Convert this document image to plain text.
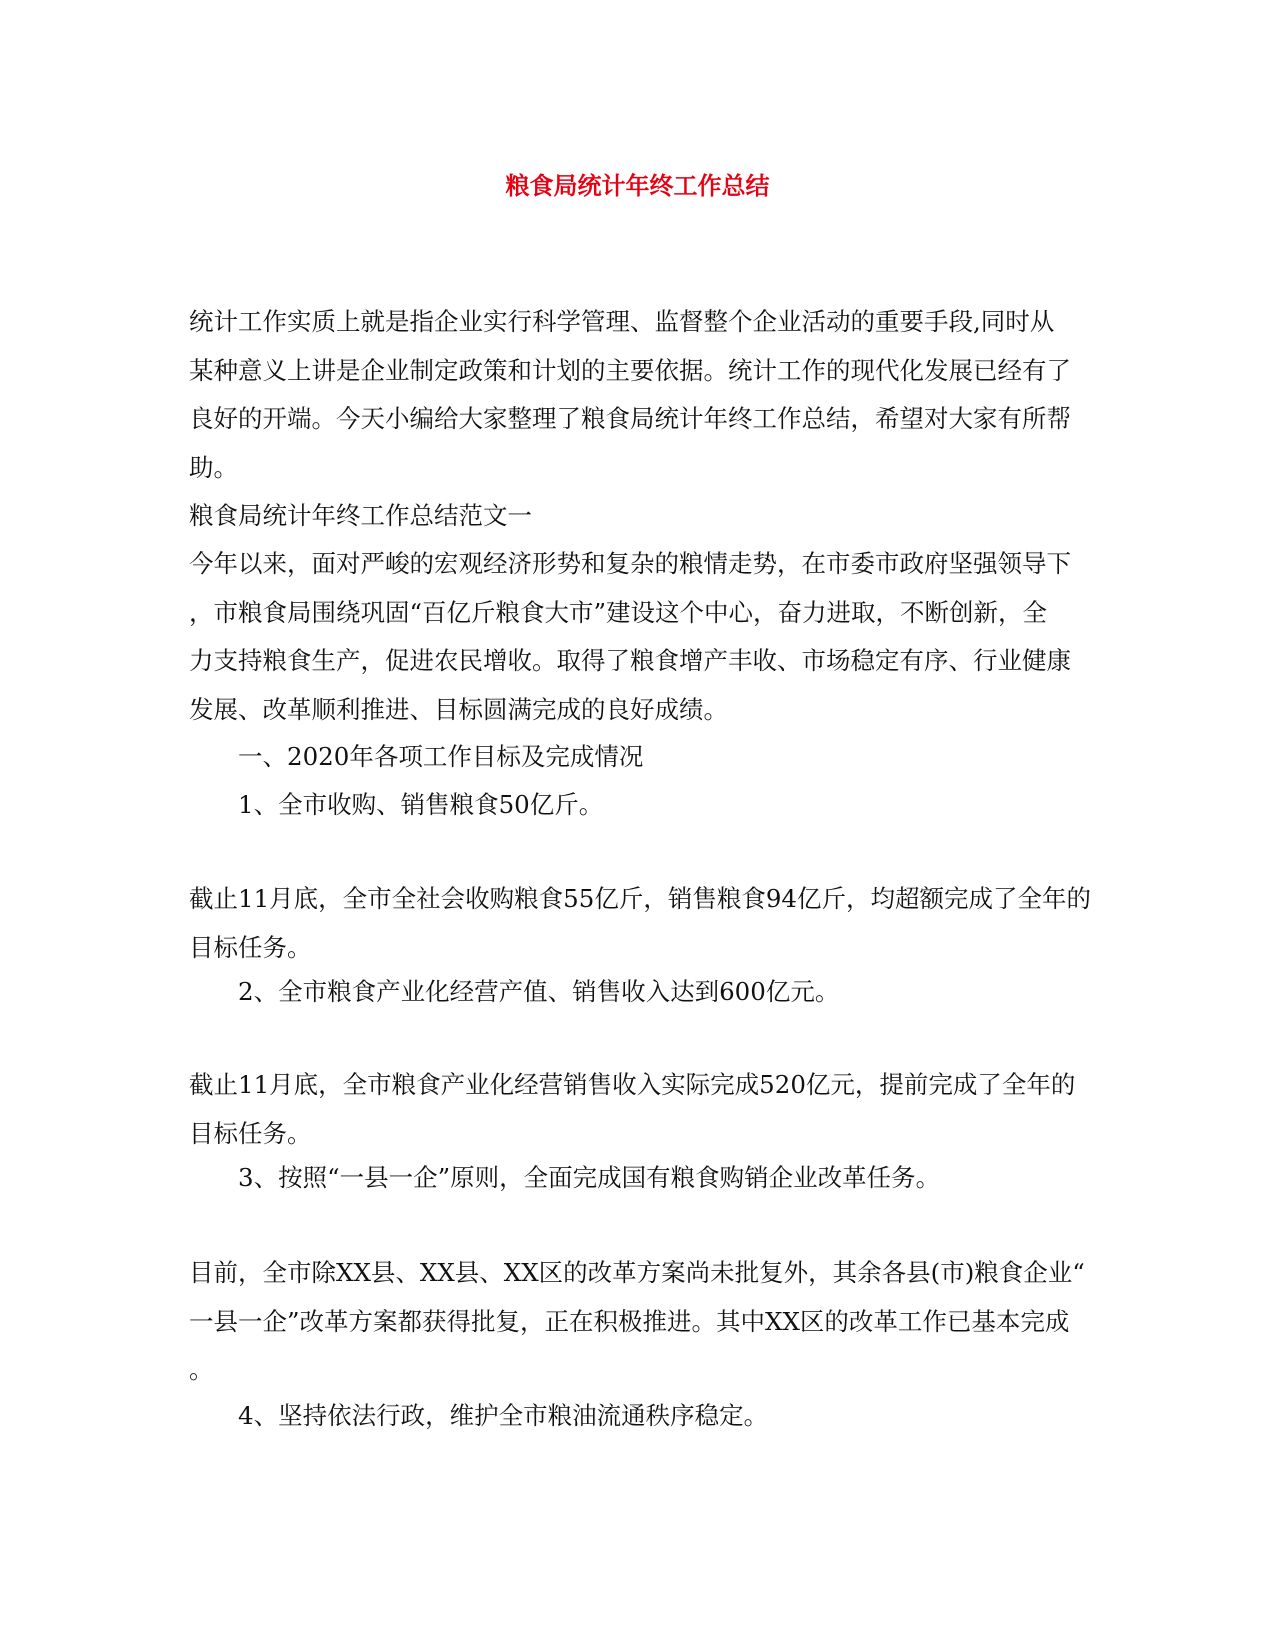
粮食局统计年终工作总结
统计工作实质上就是指企业实行科学管理、监督整个企业活动的重要手段,同时从
某种意义上讲是企业制定政策和计划的主要依据。统计工作的现代化发展已经有了
良好的开端。今天小编给大家整理了粮食局统计年终工作总结，希望对大家有所帮
助。
粮食局统计年终工作总结范文一
今年以来，面对严峻的宏观经济形势和复杂的粮情走势，在市委市政府坚强领导下
，市粮食局围绕巩固“百亿斤粮食大市”建设这个中心，奋力进取，不断创新，全
力支持粮食生产，促进农民增收。取得了粮食增产丰收、市场稳定有序、行业健康
发展、改革顺利推进、目标圆满完成的良好成绩。
一、2020年各项工作目标及完成情况
1、全市收购、销售粮食50亿斤。
截止11月底，全市全社会收购粮食55亿斤，销售粮食94亿斤，均超额完成了全年的
目标任务。
2、全市粮食产业化经营产值、销售收入达到600亿元。
截止11月底，全市粮食产业化经营销售收入实际完成520亿元，提前完成了全年的
目标任务。
3、按照“一县一企”原则，全面完成国有粮食购销企业改革任务。
目前，全市除XX县、XX县、XX区的改革方案尚未批复外，其余各县(市)粮食企业“
一县一企”改革方案都获得批复，正在积极推进。其中XX区的改革工作已基本完成
。
4、坚持依法行政，维护全市粮油流通秩序稳定。
